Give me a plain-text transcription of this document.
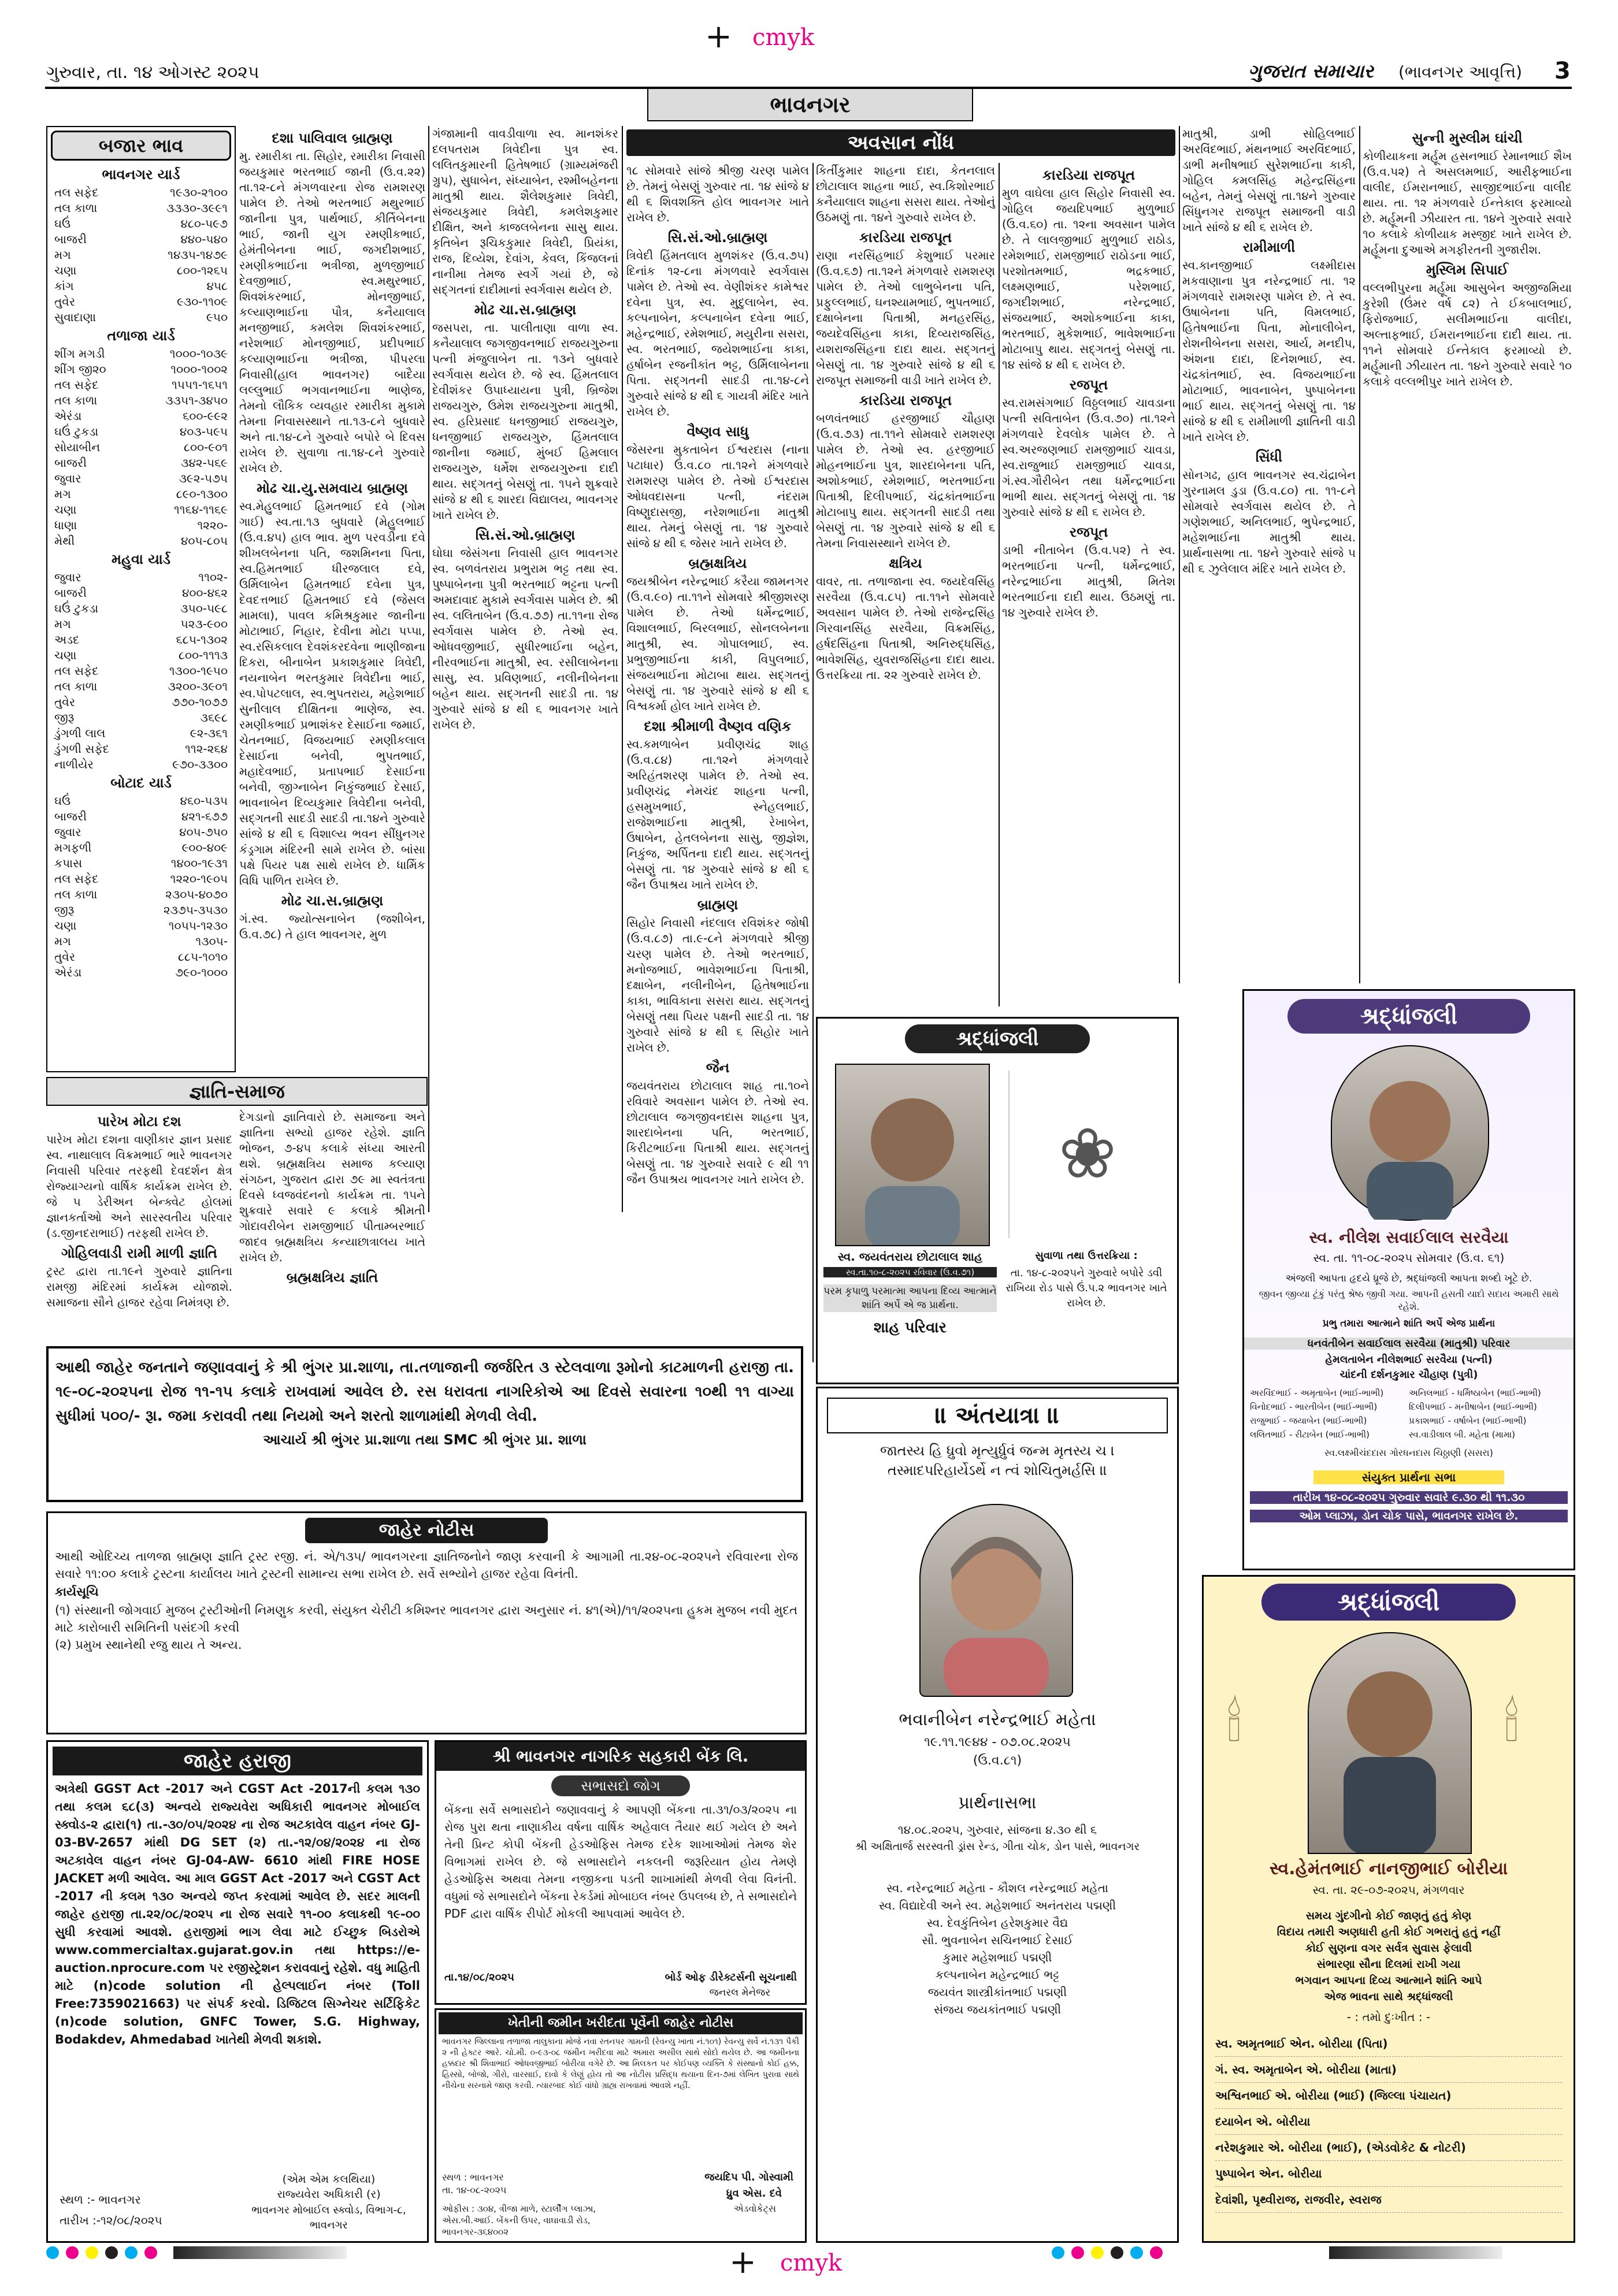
+ cmyk
ગુરુવાર, તા. ૧૪ ઓગસ્ટ ૨૦૨૫	ગુજરાત સમાચાર (ભાવનગર આવૃત્તિ) 3
ભાવનગર
બજાર ભાવ
ભાવનગર યાર્ડ
તલ સફેદ	૧૯૩૦-૨૧૦૦
તલ કાળા	૩૩૩૦-૩૯૯૧
ઘઉં	૪૮૦-૫૯૭
બાજરી	૪૪૦-૫૪૦
મગ	૧૪૩૫-૧૪૭૯
ચણા	૮૦૦-૧૨૬૫
કાંગ	૪૫૮
તુવેર	૯૩૦-૧૧૦૯
સુવાદાણા	૯૫૦
તળાજા યાર્ડ
શીંગ મગડી	૧૦૦૦-૧૦૩૯
શીંગ જી૨૦	૧૦૦૦-૧૦૦૨
તલ સફેદ	૧૫૫૧-૧૬૫૧
તલ કાળા	૩૩૫૧-૩૪૫૦
એરંડા	૬૦૦-૯૯૨
ઘઉં ટુકડા	૪૦૩-૫૯૫
સોયાબીન	૮૦૦-૯૦૧
બાજરી	૩૪૨-૫૬૯
જુવાર	૩૯૨-૫૭૫
મગ	૮૯૦-૧૩૦૦
ચણા	૧૧૬૪-૧૧૬૯
ધાણા	૧૨૨૦-
મેથી	૪૦૫-૮૦૫
મહુવા યાર્ડ
જુવાર	૧૧૦૨-
બાજરી	૪૦૦-૪૬૨
ઘઉં ટુકડા	૩૫૦-૫૯૮
મગ	૫૨૩-૯૦૦
અડદ	૬૮૫-૧૩૦૨
ચણા	૮૦૦-૧૧૧૩
તલ સફેદ	૧૩૦૦-૧૯૫૦
તલ કાળા	૩૨૦૦-૩૯૦૧
તુવેર	૭૭૦-૧૦૭૭
જીરૂ	૩૬૯૮
ડુંગળી લાલ	૯૨-૩૬૧
ડુંગળી સફેદ	૧૧૨-૨૬૪
નાળીયેર	૯૭૦-૩૩૦૦
બોટાદ યાર્ડ
ઘઉં	૪૬૦-૫૩૫
બાજરી	૪૨૧-૬૭૭
જુવાર	૪૦૫-૭૫૦
મગફળી	૯૦૦-૪૦૯
કપાસ	૧૪૦૦-૧૯૩૧
તલ સફેદ	૧૨૨૦-૧૯૦૫
તલ કાળા	૨૩૦૫-૪૦૭૦
જીરૂ	૨૩૭૫-૩૫૩૦
ચણા	૧૦૫૫-૧૨૩૦
મગ	૧૩૦૫-
તુવેર	૮૮૫-૧૦૧૦
એરંડા	૭૯૦-૧૦૦૦
દશા પાલિવાલ બ્રાહ્મણ

મુ. રમારીકા તા. સિહોર, રમારીકા નિવાસી જયકુમાર ભરતભાઈ જાની (ઉ.વ.૨૨) તા.૧૨-૮ને મંગળવારના રોજ રામશરણ પામેલ છે. તેઓ ભરતભાઈ મથુરભાઈ જાનીના પુત્ર, પાર્થભાઈ, કીર્તિબેનના ભાઈ, જાની યુગ રમણીકભાઈ, હેમંતીબેનના ભાઈ, જગદીશભાઈ, રમણીકભાઈના ભત્રીજા, મુળજીભાઈ દેવજીભાઈ, સ્વ.મથુરભાઈ, શિવશંકરભાઈ, મોનજીભાઈ, કલ્યાણભાઈના પૌત્ર, કનૈયાલાલ મનજીભાઈ, કમલેશ શિવશંકરભાઈ, નરેશભાઈ મોનજીભાઈ, પ્રદીપભાઈ કલ્યાણભાઈના ભત્રીજા, પીપરલા નિવાસી(હાલ ભાવનગર) બાદૈયા લલ્લુભાઈ ભગવાનભાઈના ભાણેજ, તેમનો લૌકિક વ્યવહાર રમારીકા મુકામે તેમના નિવાસસ્થાને તા.૧૩-૮ને બુધવારે અને તા.૧૪-૮ને ગુરુવારે બપોરે બે દિવસ રાખેલ છે. સુવાળા તા.૧૪-૮ને ગુરુવારે રાખેલ છે.

મોઢ ચા.યુ.સમવાય બ્રાહ્મણ

સ્વ.મેહુલભાઈ હિમતભાઈ દવે (ગોમ ગાઈ) સ્વ.તા.૧૩ બુધવારે (મેહુલભાઈ (ઉ.વ.૪૫) હાલ ભાવ. મુળ પરવડીના દવે શીખલબેનના પતિ, જશમિનના પિતા, સ્વ.હિમતભાઈ ધીરજલાલ દવે, ઉર્મિલાબેન હિમતભાઈ દવેના પુત્ર, દેવદત્તભાઈ હિમતભાઈ દવે (જેસલ મામલા), પાવલ કમિશ્રકુમાર જાનીના મોટાભાઈ, નિહાર, દેવીના મોટા પપ્પા, સ્વ.રસિકલાલ દેવશંકરદવેના ભાણીજાના દિકરા, બીનાબેન પ્રકાશકુમાર ત્રિવેદી, નયનાબેન ભરતકુમાર ત્રિવેદીના ભાઈ, સ્વ.પોપટલાલ, સ્વ.ભુપતરાય, મહેશભાઈ સુનીલાલ દીક્ષિતના ભાણેજ, સ્વ. રમણીકભાઈ પ્રભાશંકર દેસાઈના જમાઈ, ચેતનભાઈ, વિજયભાઈ રમણીકલાલ દેસાઈના બનેવી, ભુપતભાઈ, મહાદેવભાઈ, પ્રતાપભાઈ દેસાઈના બનેવી, જીગ્નાબેન નિકુંજભાઈ દેસાઈ, ભાવનાબેન દિવ્યકુમાર ત્રિવેદીના બનેવી, સદ્ગતની સાદડી સાદડી તા.૧૪ને ગુરુવારે સાંજે ૪ થી ૬ વિશાલ્ય ભવન સીંધુનગર કંડ્રગામ મંદિરની સામે રાખેલ છે. બાંસા પક્ષે પિયર પક્ષ સાથે રાખેલ છે. ધાર્મિક વિધિ પાળિત રાખેલ છે.

મોઢ ચા.સ.બ્રાહ્મણ

ગં.સ્વ. જ્યોત્સનાબેન (જશીબેન, ઉ.વ.૭૮) તે હાલ ભાવનગર, મુળ

ગંજામાની વાવડીવાળા સ્વ. માનશંકર દલપતરામ ત્રિવેદીના પુત્ર સ્વ. લલિતકુમારની હિતેષભાઈ (ગ્રામ્યમંજરી ગ્રુપ), સુધાબેન, સંધ્યાબેન, રશ્મીબહેનના માતુશ્રી થાય. શૈલેશકુમાર ત્રિવેદી, સંજયકુમાર ત્રિવેદી, કમલેશકુમાર દીક્ષિત, અને કાજલબેનના સાસુ થાય. કૃતિબેન રૂચિકકુમાર ત્રિવેદી, પ્રિયંકા, રાજ, દિવ્યેશ, દેવાંગ, કેવલ, કિંજલનાં નાનીમા તેમજ સ્વર્ગે ગયાં છે, જે સદ્ગતનાં દાદીમાનાં સ્વર્ગવાસ થયેલ છે.

મોઢ ચા.સ.બ્રાહ્મણ

જસપરા, તા. પાલીતાણા વાળા સ્વ. કનૈયાલાલ જગજીવનભાઈ રાજયગુરુના પત્ની મંજુલાબેન તા. ૧૩ને બુધવારે સ્વર્ગવાસ થયેલ છે. જે સ્વ. હિંમતલાલ દેવીશંકર ઉપાધ્યાયના પુત્રી, બ્રિજેશ રાજયગુરુ, ઉમેશ રાજયગુરુના માતુશ્રી, સ્વ. હરિપ્રસાદ ધનજીભાઈ રાજયગુરુ, ધનજીભાઈ રાજયગુરુ, હિંમતલાલ જાનીના જમાઈ, મુંબઈ હિમલાલ રાજયગુરુ, ધર્મેશ રાજયગુરુના દાદી થાય. સદ્ગતનું બેસણું તા. ૧૫ને શુક્રવારે સાંજે ૪ થી ૬ શારદા વિદ્યાલય, ભાવનગર ખાતે રાખેલ છે.

સિ.સં.ઓ.બ્રાહ્મણ

ઘોઘા જેસંગના નિવાસી હાલ ભાવનગર સ્વ. બળવંતરાય પ્રભુરામ ભટ્ટ તથા સ્વ. પુષ્પાબેનના પુત્રી ભરતભાઈ ભટ્ટના પત્ની અમદાવાદ મુકામે સ્વર્ગવાસ પામેલ છે. શ્રી સ્વ. લલિતાબેન (ઉ.વ.૭૭) તા.૧૧ના રોજ સ્વર્ગવાસ પામેલ છે. તેઓ સ્વ. ઓધવજીભાઈ, સુધીરભાઈના બહેન, નીરવભાઈના માતુશ્રી, સ્વ. રસીલાબેનના સાસુ, સ્વ. પ્રવિણભાઈ, નલીનીબેનના બહેન થાય. સદ્ગતની સાદડી તા. ૧૪ ગુરુવારે સાંજે ૪ થી ૬ ભાવનગર ખાતે રાખેલ છે.

અવસાન નોંધ

૧૮ સોમવારે સાંજે શ્રીજી ચરણ પામેલ છે. તેમનું બેસણું ગુરુવાર તા. ૧૪ સાંજે ૪ થી ૬ શિવશક્તિ હોલ ભાવનગર ખાતે રાખેલ છે.

સિ.સં.ઓ.બ્રાહ્મણ

ત્રિવેદી હિંમતલાલ મુળશંકર (ઉ.વ.૭૫) દિનાંક ૧૨-૮ના મંગળવારે સ્વર્ગવાસ પામેલ છે. તેઓ સ્વ. વેણીશંકર કામેશ્વર દવેના પુત્ર, સ્વ. મુદુલાબેન, સ્વ. કલ્પનાબેન, કલ્પનાબેન દવેના ભાઈ, મહેન્દ્રભાઈ, રમેશભાઈ, મયુરીના સસરા, સ્વ. ભરતભાઈ, જયેશભાઈના કાકા, હર્ષાબેન રજનીકાંત ભટ્ટ, ઉર્મિલાબેનના પિતા. સદ્ગતની સાદડી તા.૧૪-૮ને ગુરુવારે સાંજે ૪ થી ૬ ગાયત્રી મંદિર ખાતે રાખેલ છે.

વૈષ્ણવ સાધુ

જેસરના મુકતાબેન ઈશ્વરદાસ (નાના પટાધાર) ઉં.વ.૮૦ તા.૧૨ને મંગળવારે રામશરણ પામેલ છે. તેઓ ઈશ્વરદાસ ઓધવદાસના પત્ની, નંદરામ વિષ્ણુદાસજી, નરેશભાઈના માતુશ્રી થાય. તેમનું બેસણું તા. ૧૪ ગુરુવારે સાંજે ૪ થી ૬ જેસર ખાતે રાખેલ છે.

બ્રહ્મક્ષત્રિય

જયશ્રીબેન નરેન્દ્રભાઈ કરૈયા જામનગર (ઉ.વ.૯૦) તા.૧૧ને સોમવારે શ્રીજીશરણ પામેલ છે. તેઓ ધર્મેન્દ્રભાઈ, વિશાલભાઈ, બિરલભાઈ, સોનલબેનના માતુશ્રી, સ્વ. ગોપાલભાઈ, સ્વ. પ્રભુજીભાઈના કાકી, વિપુલભાઈ, સંજયભાઈના મોટાબા થાય. સદ્ગતનું બેસણું તા. ૧૪ ગુરુવારે સાંજે ૪ થી ૬ વિશ્વકર્મા હોલ ખાતે રાખેલ છે.

દશા શ્રીમાળી વૈષ્ણવ વણિક

સ્વ.કમળાબેન પ્રવીણચંદ્ર શાહ (ઉ.વ.૮૪) તા.૧૨ને મંગળવારે અરિહંતશરણ પામેલ છે. તેઓ સ્વ. પ્રવીણચંદ્ર નેમચંદ શાહના પત્ની, હસમુખભાઈ, સ્નેહલભાઈ, રાજેશભાઈના માતુશ્રી, રેખાબેન, ઉષાબેન, હેતલબેનના સાસુ, જીજ્ઞેશ, નિકુંજ, અર્પિતના દાદી થાય. સદ્ગતનું બેસણું તા. ૧૪ ગુરુવારે સાંજે ૪ થી ૬ જૈન ઉપાશ્રય ખાતે રાખેલ છે.

બ્રાહ્મણ

સિહોર નિવાસી નંદલાલ રવિશંકર જોષી (ઉ.વ.૮૭) તા.૯-૮ને મંગળવારે શ્રીજી ચરણ પામેલ છે. તેઓ ભરતભાઈ, મનોજભાઈ, ભાવેશભાઈના પિતાશ્રી, દક્ષાબેન, નલીનીબેન, હિતેષભાઈના કાકા, ભાવિકાના સસરા થાય. સદ્ગતનું બેસણું તથા પિયર પક્ષની સાદડી તા. ૧૪ ગુરુવારે સાંજે ૪ થી ૬ સિહોર ખાતે રાખેલ છે.

જૈન

જયવંતરાય છોટાલાલ શાહ તા.૧૦ને રવિવારે અવસાન પામેલ છે. તેઓ સ્વ. છોટાલાલ જગજીવનદાસ શાહના પુત્ર, શારદાબેનના પતિ, ભરતભાઈ, કિરીટભાઈના પિતાશ્રી થાય. સદ્ગતનું બેસણું તા. ૧૪ ગુરુવારે સવારે ૯ થી ૧૧ જૈન ઉપાશ્રય ભાવનગર ખાતે રાખેલ છે.

કિર્તીકુમાર શાહના દાદા, કેતનલાલ છોટાલાલ શાહના ભાઈ, સ્વ.કિશોરભાઈ કનૈયાલાલ શાહના સસરા થાય. તેઓનું ઉઠમણું તા. ૧૪ને ગુરુવારે રાખેલ છે.

કારડિયા રાજપૂત

રાણા નરસિંહભાઈ કેશુભાઈ પરમાર (ઉ.વ.૬૭) તા.૧૨ને મંગળવારે રામશરણ પામેલ છે. તેઓ લાભુબેનના પતિ, પ્રફુલ્લભાઈ, ઘનશ્યામભાઈ, ભુપતભાઈ, દક્ષાબેનના પિતાશ્રી, મનહરસિંહ, જયદેવસિંહના કાકા, દિવ્યરાજસિંહ, યશરાજસિંહના દાદા થાય. સદ્ગતનું બેસણું તા. ૧૪ ગુરુવારે સાંજે ૪ થી ૬ રાજપૂત સમાજની વાડી ખાતે રાખેલ છે.

કારડિયા રાજપૂત

બળવંતભાઈ હરજીભાઈ ચૌહાણ (ઉ.વ.૭૩) તા.૧૧ને સોમવારે રામશરણ પામેલ છે. તેઓ સ્વ. હરજીભાઈ મોહનભાઈના પુત્ર, શારદાબેનના પતિ, અશોકભાઈ, રમેશભાઈ, ભરતભાઈના પિતાશ્રી, દિલીપભાઈ, ચંદ્રકાંતભાઈના મોટાબાપુ થાય. સદ્ગતની સાદડી તથા બેસણું તા. ૧૪ ગુરુવારે સાંજે ૪ થી ૬ તેમના નિવાસસ્થાને રાખેલ છે.

ક્ષત્રિય

વાવર, તા. તળાજાના સ્વ. જયદેવસિંહ સરવૈયા (ઉ.વ.૮૫) તા.૧૧ને સોમવારે અવસાન પામેલ છે. તેઓ રાજેન્દ્રસિંહ ગિરવાનસિંહ સરવૈયા, વિક્રમસિંહ, હર્ષદસિંહના પિતાશ્રી, અનિરુદ્ધસિંહ, ભાવેશસિંહ, યુવરાજસિંહના દાદા થાય. ઉત્તરક્રિયા તા. ૨૨ ગુરુવારે રાખેલ છે.

કારડિયા રાજપૂત

મુળ વાઘેલા હાલ સિહોર નિવાસી સ્વ. ગોહિલ જયદિપભાઈ મુળુભાઈ (ઉ.વ.૬૦) તા. ૧૨ના અવસાન પામેલ છે. તે લાલજીભાઈ મુળુભાઈ રાઠોડ, રમેશભાઈ, રામજીભાઈ રાઠોડના ભાઈ, પરશોતમભાઈ, ભદ્રકભાઈ, લક્ષ્મણભાઈ, પરેશભાઈ, જગદીશભાઈ, નરેન્દ્રભાઈ, સંજયભાઈ, અશોકભાઈના કાકા, ભરતભાઈ, મુકેશભાઈ, ભાવેશભાઈના મોટાબાપુ થાય. સદ્ગતનું બેસણું તા. ૧૪ સાંજે ૪ થી ૬ રાખેલ છે.

રજપૂત

સ્વ.રામસંગભાઈ વિઠ્ઠલભાઈ ચાવડાના પત્ની સવિતાબેન (ઉ.વ.૭૦) તા.૧૨ને મંગળવારે દેવલોક પામેલ છે. તે સ્વ.અરજણભાઈ રામજીભાઈ ચાવડા, સ્વ.રાજુભાઈ રામજીભાઈ ચાવડા, ગં.સ્વ.ગૌરીબેન તથા ધર્મેન્દ્રભાઈના ભાભી થાય. સદ્ગતનું બેસણું તા. ૧૪ ગુરુવારે સાંજે ૪ થી ૬ રાખેલ છે.

રજપૂત

ડાભી નીતાબેન (ઉ.વ.૫૨) તે સ્વ. ભરતભાઈના પત્ની, ધર્મેન્દ્રભાઈ, નરેન્દ્રભાઈના માતુશ્રી, મિતેશ ભરતભાઈના દાદી થાય. ઉઠમણું તા. ૧૪ ગુરુવારે રાખેલ છે.

માતુશ્રી, ડાભી સોહિલભાઈ અરવિંદભાઈ, મંથનભાઈ અરવિંદભાઈ, ડાભી મનીષભાઈ સુરેશભાઈના કાકી, ગોહિલ કમલસિંહ મહેન્દ્રસિંહના બહેન, તેમનું બેસણું તા.૧૪ને ગુરુવાર સિંધુનગર રાજપૂત સમાજની વાડી ખાતે સાંજે ૪ થી ૬ રાખેલ છે.

રામીમાળી

સ્વ.કાનજીભાઈ લક્ષ્મીદાસ મકવાણાના પુત્ર નરેન્દ્રભાઈ તા. ૧૨ મંગળવારે રામશરણ પામેલ છે. તે સ્વ. ઉષાબેનના પતિ, વિમલભાઈ, હિતેષભાઈના પિતા, મોનાલીબેન, રોશનીબેનના સસરા, આર્ય, મનદીપ, અંશના દાદા, દિનેશભાઈ, સ્વ. ચંદ્રકાંતભાઈ, સ્વ. વિજયભાઈના મોટાભાઈ, ભાવનાબેન, પુષ્પાબેનના ભાઈ થાય. સદ્ગતનું બેસણું તા. ૧૪ સાંજે ૪ થી ૬ રામીમાળી જ્ઞાતિની વાડી ખાતે રાખેલ છે.

સિંધી

સોનગઢ, હાલ ભાવનગર સ્વ.ચંદ્રાબેન ગુરનામલ ડુડા (ઉ.વ.૮૦) તા. ૧૧-૮ને સોમવારે સ્વર્ગવાસ થયેલ છે. તે ગણેશભાઈ, અનિલભાઈ, ભુપેન્દ્રભાઈ, મહેશભાઈના માતુશ્રી થાય. પ્રાર્થનાસભા તા. ૧૪ને ગુરુવારે સાંજે ૫ થી ૬ ઝુલેલાલ મંદિર ખાતે રાખેલ છે.

સુન્ની મુસ્લીમ ઘાંચી

કોળીયાકના મર્હૂમ હસનભાઈ રેમાનભાઈ શૈખ (ઉ.વ.૫૨) તે અસલમભાઈ, આરીફભાઈના વાલીદ, ઈમરાનભાઈ, સાજીદભાઈના વાલીદ થાય. તા. ૧૨ મંગળવારે ઈન્તેકાલ ફરમાવ્યો છે. મર્હૂમની ઝીયારત તા. ૧૪ને ગુરુવારે સવારે ૧૦ કલાકે કોળીયાક મસ્જીદ ખાતે રાખેલ છે. મર્હૂમના દુઆએ મગફીરતની ગુજારીશ.

મુસ્લિમ સિપાઈ

વલ્લભીપુરના મર્હૂમા આસુબેન અજીજમિયા કુરેશી (ઉંમર વર્ષ ૮૨) તે ઈકબાલભાઈ, ફિરોજભાઈ, સલીમભાઈના વાલીદા, અલ્તાફભાઈ, ઈમરાનભાઈના દાદી થાય. તા. ૧૧ને સોમવારે ઈન્તેકાલ ફરમાવ્યો છે. મર્હૂમાની ઝીયારત તા. ૧૪ને ગુરુવારે સવારે ૧૦ કલાકે વલ્લભીપુર ખાતે રાખેલ છે.

શ્રદ્ધાંજલી
સ્વ. જયવંતરાય છોટાલાલ શાહ
સ્વ.તા.૧૦-૮-૨૦૨૫ રવિવાર (ઉ.વ.૭૧)
પરમ કૃપાળુ પરમાત્મા આપના દિવ્ય આત્માને શાંતિ અર્પે એ જ પ્રાર્થના.
શાહ પરિવાર
સુવાળા તથા ઉત્તરક્રિયા :
તા. ૧૪-૮-૨૦૨૫ને ગુરુવારે બપોરે ડવી રાખિયા રોડ પાસે ઉં.૫.૨ ભાવનગર ખાતે રાખેલ છે.
❀
॥ અંતયાત્રા ॥
જાતસ્ય હિ ધ્રુવો મૃત્યુર્ધ્રુવં જન્મ મૃતસ્ય ચ ।
તસ્માદપરિહાર્યેઽર્થે ન ત્વં શોચિતુમર્હસિ ॥
ભવાનીબેન નરેન્દ્રભાઈ મહેતા
૧૯.૧૧.૧૯૪૪ - ૦૭.૦૮.૨૦૨૫
(ઉ.વ.૮૧)
પ્રાર્થનાસભા
૧૪.૦૮.૨૦૨૫, ગુરુવાર, સાંજના ૪.૩૦ થી ૬
શ્રી અક્ષિતાર્જ સરસ્વતી ડ્રાંસ રેન્ડ, ગીતા ચોક, ડોન પાસે, ભાવનગર
સ્વ. નરેન્દ્રભાઈ મહેતા - કૌશલ નરેન્દ્રભાઈ મહેતા
સ્વ. વિદ્યાદેવી અને સ્વ. મહેશભાઈ અનંતરાય પદ્મણી
સ્વ. દેવકુંતિબેન હરેશકુમાર વૈદ્ય
સૌ. ભુવનાબેન સચિનભાઈ દેસાઈ
કુમાર મહેશભાઈ પદ્મણી
કલ્પનાબેન મહેન્દ્રભાઈ ભટ્ટ
જયવંત શાસ્ત્રીકાંતભાઈ પદ્મણી
સંજય જયકાંતભાઈ પદ્મણી
શ્રદ્ધાંજલી
સ્વ. નીલેશ સવાઈલાલ સરવૈયા
સ્વ. તા. ૧૧-૦૮-૨૦૨૫ સોમવાર (ઉ.વ. ૬૧)
અંજલી આપતા હૃદયે ધ્રૂજે છે, શ્રદ્ધાંજલી આપતા શબ્દો ખૂટે છે.
જીવન જીવ્યા ટૂંકું પરંતુ શ્રેષ્ઠ જીવી ગયા. આપની હસતી યાદો સદાય અમારી સાથે રહેશે.
પ્રભુ તમારા આત્માને શાંતિ અર્પે એજ પ્રાર્થના
ધનવંતીબેન સવાઈલાલ સરવૈયા (માતુશ્રી) પરિવાર
હેમલતાબેન નીલેશભાઈ સરવૈયા (પત્ની)
ચાંદની દર્શનકુમાર ચૌહાણ (પુત્રી)
અરવિંદભાઈ - અમૃતાબેન (ભાઈ-ભાભી)	અનિલભાઈ - ધર્મિષ્ઠાબેન (ભાઈ-ભાભી)
વિનોદભાઈ - ભારતીબેન (ભાઈ-ભાભી)	દિલીપભાઈ - મનીષાબેન (ભાઈ-ભાભી)
રાજુભાઈ - જયાબેન (ભાઈ-ભાભી)	પ્રકાશભાઈ - વર્ષાબેન (ભાઈ-ભાભી)
લલિતભાઈ - રીટાબેન (ભાઈ-ભાભી)	સ્વ.વાડીલાલ બી. મહેતા (મામા)
સ્વ.લક્ષ્મીચંદદાસ ગોરધનદાસ ચિઠ્ઠાણી (સસરા)
સંયુક્ત પ્રાર્થના સભા
તારીખ ૧૪-૦૮-૨૦૨૫ ગુરુવાર સવારે ૯.૩૦ થી ૧૧.૩૦
ઓમ પ્લાઝા, ડોન ચોક પાસે, ભાવનગર રાખેલ છે.
શ્રદ્ધાંજલી
🕯	🕯
સ્વ.હેમંતભાઈ નાનજીભાઈ બોરીયા
સ્વ. તા. ૨૯-૦૭-૨૦૨૫, મંગળવાર
સમય ગુંદગીનો કોઈ જાણતું હતું કોણ
વિદાય તમારી અણધારી હતી કોઈ ગભરાતું હતું નહીં
કોઈ સુણના વગર સર્વત્ર સુવાસ ફેલાવી
સંભારણા સૌના દિલમાં રાખી ગયા
ભગવાન આપના દિવ્ય આત્માને શાંતિ આપે
એજ ભાવના સાથે શ્રદ્ધાંજલી
- : તમો દુઃખીત : -
સ્વ. અમૃતભાઈ એન. બોરીયા (પિતા)
ગં. સ્વ. અમૃતાબેન એ. બોરીયા (માતા)
અશ્વિનભાઈ એ. બોરીયા (ભાઈ) (જિલ્લા પંચાયત)
દયાબેન એ. બોરીયા
નરેશકુમાર એ. બોરીયા (ભાઈ), (એડવોકેટ & નોટરી)
પુષ્પાબેન એન. બોરીયા
દેવાંશી, પૃથ્વીરાજ, રાજવીર, સ્વરાજ
જ્ઞાતિ-સમાજ
પારેખ મોટા દશ

પારેખ મોટા દશના વાણીકાર જ્ઞાન પ્રસાદ સ્વ. નાથાલાલ વિક્રમભાઈ ભારે ભાવનગર નિવાસી પરિવાર તરફથી દેવદર્શન ક્ષેત્ર રોજ્યાગ્યનો વાર્ષિક કાર્યક્રમ રાખેલ છે. જે ૫ ડેરીઅન બેન્ક્વેટ હોલમાં જ્ઞાનકર્તાઓ અને સારસ્વતીય પરિવાર (ડ.જીનદરાભાઈ) તરફથી રાખેલ છે.

ગોહિલવાડી રામી માળી જ્ઞાતિ

ટ્રસ્ટ દ્વારા તા.૧૯ને ગુરુવારે જ્ઞાતિના રામજી મંદિરમાં કાર્યક્રમ યોજાશે. સમાજના સૌને હાજર રહેવા નિમંત્રણ છે.

દેગડાનો જ્ઞાતિવારો છે. સમાજના અને જ્ઞાતિના સભ્યો હાજર રહેશે. જ્ઞાતિ ભોજન, ૭-૪૫ કલાકે સંધ્યા આરતી થશે. બ્રહ્મક્ષત્રિય સમાજ કલ્યાણ સંગઠન, ગુજરાત દ્વારા ૭૯ મા સ્વતંત્રતા દિવસે ધ્વજવંદનનો કાર્યક્રમ તા. ૧૫ને શુક્રવારે સવારે ૯ કલાકે શ્રીમતી ગોદાવરીબેન રામજીભાઈ પીતામ્બરભાઈ જાદવ બ્રહ્મક્ષત્રિય કન્યાછાત્રાલય ખાતે રાખેલ છે.

બ્રહ્મક્ષત્રિય જ્ઞાતિ
આથી જાહેર જનતાને જણાવવાનું કે શ્રી ભુંગર પ્રા.શાળા, તા.તળાજાની જર્જરિત ૩ સ્ટેલવાળા રૂમોનો કાટમાળની હરાજી તા. ૧૯-૦૮-૨૦૨૫ના રોજ ૧૧-૧૫ કલાકે રાખવામાં આવેલ છે. રસ ધરાવતા નાગરિકોએ આ દિવસે સવારના ૧૦થી ૧૧ વાગ્યા સુધીમાં ૫૦૦/- રૂા. જમા કરાવવી તથા નિયમો અને શરતો શાળામાંથી મેળવી લેવી.
આચાર્ય શ્રી ભુંગર પ્રા.શાળા તથા SMC શ્રી ભુંગર પ્રા. શાળા
જાહેર નોટીસ
આથી ઓદિચ્ય તાળજા બ્રાહ્મણ જ્ઞાતિ ટ્રસ્ટ રજી. નં. એ/૧૩૫/ ભાવનગરના જ્ઞાતિજનોને જાણ કરવાની કે આગામી તા.૨૪-૦૮-૨૦૨૫ને રવિવારના રોજ સવારે ૧૧:૦૦ કલાકે ટ્રસ્ટના કાર્યાલય ખાતે ટ્રસ્ટની સામાન્ય સભા રાખેલ છે. સર્વે સભ્યોને હાજર રહેવા વિનંતી.
કાર્યસૂચિ
(૧) સંસ્થાની જોગવાઈ મુજબ ટ્રસ્ટીઓની નિમણુક કરવી, સંયુક્ત ચેરીટી કમિશ્નર ભાવનગર દ્વારા અનુસાર નં. ૪૧(એ)/૧૧/૨૦૨૫ના હુકમ મુજબ નવી મુદત માટે કારોબારી સમિતિની પસંદગી કરવી
(૨) પ્રમુખ સ્થાનેથી રજુ થાય તે અન્ય.
જાહેર હરાજી
અત્રેથી GGST Act -2017 અને CGST Act -2017ની કલમ ૧૩૦ તથા કલમ ૬૮(૩) અન્વયે રાજ્યવેરા અધિકારી ભાવનગર મોબાઈલ સ્ક્વોડ-૨ દ્વારા(૧) તા.-૩૦/૦૫/૨૦૨૪ ના રોજ અટકાવેલ વાહન નંબર GJ-03-BV-2657 માંથી DG SET (૨) તા.-૧૨/૦૪/૨૦૨૪ ના રોજ અટકાવેલ વાહન નંબર GJ-04-AW- 6610 માંથી FIRE HOSE JACKET મળી આવેલ. આ માલ GGST Act -2017 અને CGST Act -2017 ની કલમ ૧૩૦ અન્વયે જપ્ત કરવામાં આવેલ છે. સદર માલની જાહેર હરાજી તા.૨૨/૦૮/૨૦૨૫ ના રોજ સવારે ૧૧-૦૦ કલાકથી ૧૯-૦૦ સુધી કરવામાં આવશે. હરાજીમાં ભાગ લેવા માટે ઈચ્છુક બિડરોએ www.commercialtax.gujarat.gov.in તથા https://e-auction.nprocure.com પર રજીસ્ટ્રેશન કરાવવાનું રહેશે. વધુ માહિતી માટે (n)code solution ની હેલ્પલાઈન નંબર (Toll Free:7359021663) પર સંપર્ક કરવો. ડિજિટલ સિગ્નેચર સર્ટિફિકેટ (n)code solution, GNFC Tower, S.G. Highway, Bodakdev, Ahmedabad ખાતેથી મેળવી શકાશે.
(એમ એમ કલથિયા)
રાજ્યવેરા અધિકારી (ર)
ભાવનગર મોબાઈલ સ્ક્વોડ, વિભાગ-૮, ભાવનગર
સ્થળ :- ભાવનગર
તારીખ :-૧૨/૦૮/૨૦૨૫
શ્રી ભાવનગર નાગરિક સહકારી બેંક લિ.
સભાસદો જોગ
બેંકના સર્વે સભાસદોને જણાવવાનું કે આપણી બેંકના તા.૩૧/૦૩/૨૦૨૫ ના રોજ પુરા થતા નાણાકીય વર્ષના વાર્ષિક અહેવાલ તૈયાર થઈ ગયેલ છે અને તેની પ્રિન્ટ કોપી બેંકની હેડઓફિસ તેમજ દરેક શાખાઓમાં તેમજ શેર વિભાગમાં રાખેલ છે. જે સભાસદોને નકલની જરૂરિયાત હોય તેમણે હેડઓફિસ અથવા તેમના નજીકના પડતી શાખામાંથી મેળવી લેવા વિનંતી. વધુમાં જે સભાસદોને બેંકના રેકર્ડમાં મોબાઇલ નંબર ઉપલબ્ધ છે, તે સભાસદોને PDF દ્વારા વાર્ષિક રીપોર્ટ મોકલી આપવામાં આવેલ છે.
તા.૧૪/૦૮/૨૦૨૫	બોર્ડ ઓફ ડીરેક્ટર્સની સૂચનાથી
જનરલ મેનેજર
ખેતીની જમીન ખરીદતા પૂર્વેની જાહેર નોટીસ
ભાવનગર જિલ્લાના તળાજા તાલુકાના મોજે નવા રતનપર ગામની (રેવન્યુ ખાતા નં.૧૦૧) રેવન્યુ સર્વે નં.૧૩૧ પૈકી ૨ ની હેક્ટર આરે. ચો.મી. ૦-૯૩-૦૮ જમીન ખરીદવા માટે અમારા અસીલ સાથે સોદો થયેલ છે. આ જમીનના હક્કદાર શ્રી શિવાભાઈ ઓધવજીભાઈ બોરીયા વગેરે છે. આ મિલકત પર કોઈપણ વ્યક્તિ કે સંસ્થાનો કોઈ હક્ક, હિસ્સો, બોજો, ગીરો, વારસાઈ, દાવો કે લેણું હોય તો આ નોટીસ પ્રસિદ્ધ થયાના દિન-૭માં લેખિત પુરાવા સાથે નીચેના સરનામે જાણ કરવી. ત્યારબાદ કોઈ વાંધો ગ્રાહ્ય રાખવામાં આવશે નહીં.
સ્થળ : ભાવનગર
તા. ૧૪-૦૮-૨૦૨૫
ઓફીસ : ૩૦૪, ત્રીજા માળે, સ્ટાર્લીંગ પ્લાઝા, એસ.બી.આઈ. બેંકની ઉપર, વાઘાવાડી રોડ, ભાવનગર-૩૬૪૦૦૨
જયદિપ પી. ગોસ્વામી
ધ્રુવ એસ. દવે
એડવોકેટ્સ
+ cmyk
